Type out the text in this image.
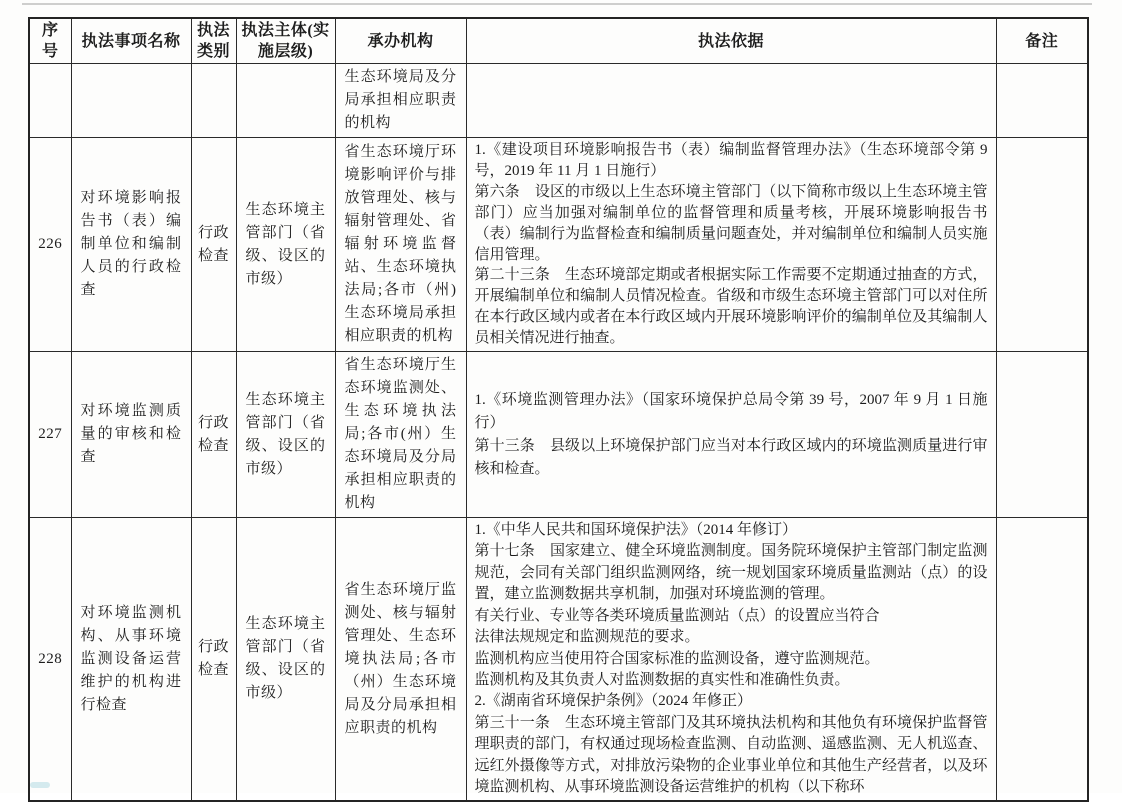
序号	执法事项名称	执法类别	执法主体(实施层级)	承办机构	执法依据	备注
				生态环境局及分局承担相应职责的机构		
226	对环境影响报告书（表）编制单位和编制人员的行政检查	行政检查	生态环境主管部门（省级、设区的市级）	省生态环境厅环境影响评价与排放管理处、核与辐射管理处、省辐射环境监督站、生态环境执法局;各市（州)生态环境局承担相应职责的机构	1.《建设项目环境影响报告书（表）编制监督管理办法》（生态环境部令第 9 号，2019 年 11 月 1 日施行）
第六条　设区的市级以上生态环境主管部门（以下简称市级以上生态环境主管部门）应当加强对编制单位的监督管理和质量考核，开展环境影响报告书（表）编制行为监督检查和编制质量问题查处，并对编制单位和编制人员实施信用管理。
第二十三条　生态环境部定期或者根据实际工作需要不定期通过抽查的方式，开展编制单位和编制人员情况检查。省级和市级生态环境主管部门可以对住所在本行政区域内或者在本行政区域内开展环境影响评价的编制单位及其编制人员相关情况进行抽查。	

227	对环境监测质量的审核和检查	行政检查	生态环境主管部门（省级、设区的市级）	省生态环境厅生态环境监测处、生态环境执法局;各市(州）生态环境局及分局承担相应职责的机构	1.《环境监测管理办法》（国家环境保护总局令第 39 号，2007 年 9 月 1 日施行）
第十三条　县级以上环境保护部门应当对本行政区域内的环境监测质量进行审核和检查。	

228	对环境监测机构、从事环境监测设备运营维护的机构进行检查	行政检查	生态环境主管部门（省级、设区的市级）	省生态环境厅监测处、核与辐射管理处、生态环境执法局;各市（州）生态环境局及分局承担相应职责的机构	
1.《中华人民共和国环境保护法》（2014 年修订）
第十七条　国家建立、健全环境监测制度。国务院环境保护主管部门制定监测规范，会同有关部门组织监测网络，统一规划国家环境质量监测站（点）的设置，建立监测数据共享机制，加强对环境监测的管理。
有关行业、专业等各类环境质量监测站（点）的设置应当符合
法律法规规定和监测规范的要求。
监测机构应当使用符合国家标准的监测设备，遵守监测规范。
监测机构及其负责人对监测数据的真实性和准确性负责。
2.《湖南省环境保护条例》（2024 年修正）
第三十一条　生态环境主管部门及其环境执法机构和其他负有环境保护监督管理职责的部门，有权通过现场检查监测、自动监测、遥感监测、无人机巡查、远红外摄像等方式，对排放污染物的企业事业单位和其他生产经营者，以及环境监测机构、从事环境监测设备运营维护的机构（以下称环
